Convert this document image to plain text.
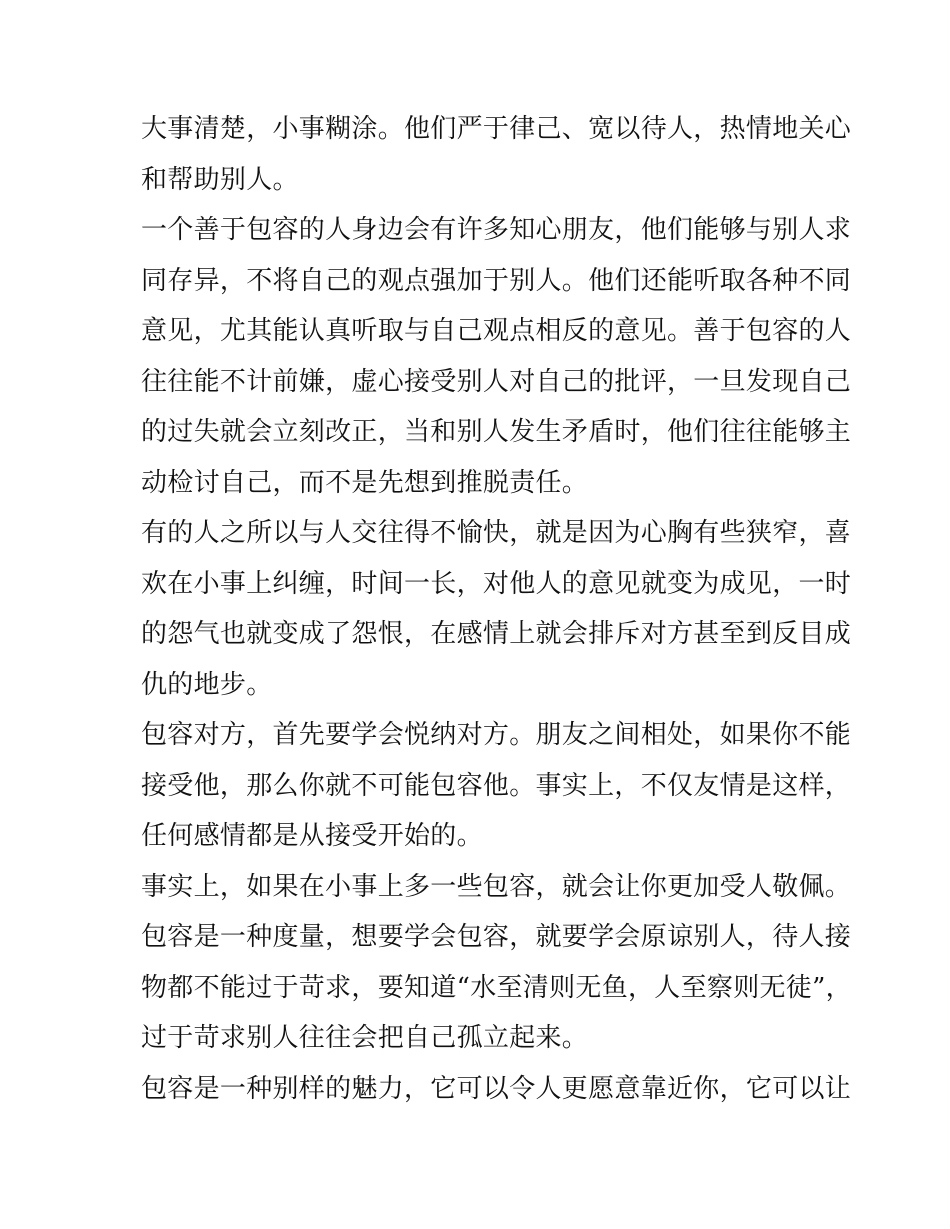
大事清楚，小事糊涂。他们严于律己、宽以待人，热情地关心
和帮助别人。
一个善于包容的人身边会有许多知心朋友，他们能够与别人求
同存异，不将自己的观点强加于别人。他们还能听取各种不同
意见，尤其能认真听取与自己观点相反的意见。善于包容的人
往往能不计前嫌，虚心接受别人对自己的批评，一旦发现自己
的过失就会立刻改正，当和别人发生矛盾时，他们往往能够主
动检讨自己，而不是先想到推脱责任。
有的人之所以与人交往得不愉快，就是因为心胸有些狭窄，喜
欢在小事上纠缠，时间一长，对他人的意见就变为成见，一时
的怨气也就变成了怨恨，在感情上就会排斥对方甚至到反目成
仇的地步。
包容对方，首先要学会悦纳对方。朋友之间相处，如果你不能
接受他，那么你就不可能包容他。事实上，不仅友情是这样，
任何感情都是从接受开始的。
事实上，如果在小事上多一些包容，就会让你更加受人敬佩。
包容是一种度量，想要学会包容，就要学会原谅别人，待人接
物都不能过于苛求，要知道“水至清则无鱼，人至察则无徒”，
过于苛求别人往往会把自己孤立起来。
包容是一种别样的魅力，它可以令人更愿意靠近你，它可以让
